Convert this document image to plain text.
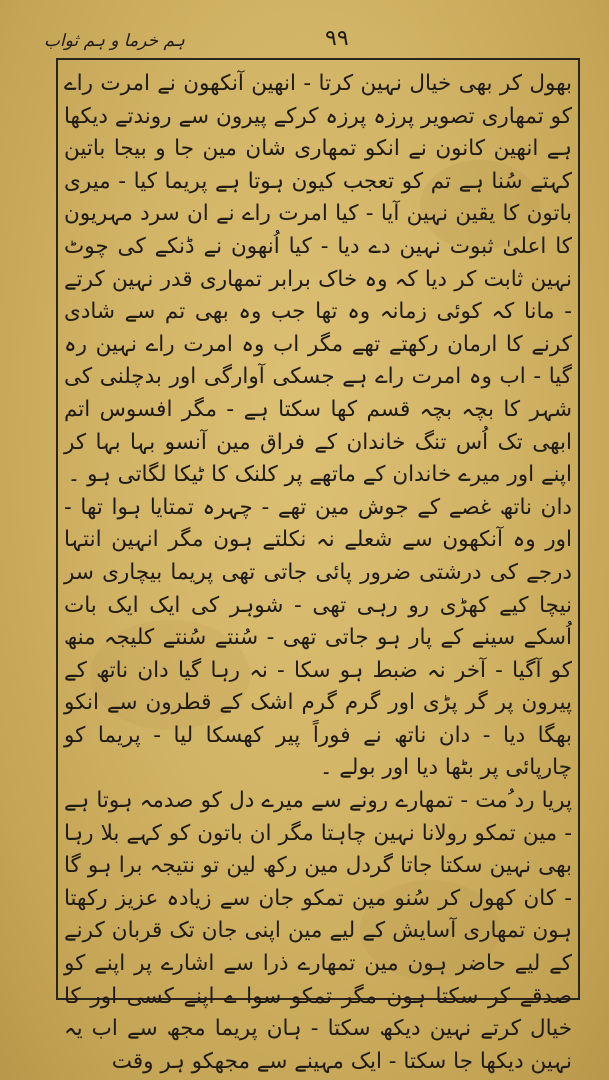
ہم خرما و ہم ثواب	۹۹

بھول کر بھی خیال نہین کرتا - انھین آنکھون نے امرت راے کو تمھاری تصویر پرزہ پرزہ کرکے پیرون سے روندتے دیکھا ہے انھین کانون نے انکو تمھاری شان مین جا و بیجا باتین کہتے سُنا ہے تم کو تعجب کیون ہوتا ہے پریما کیا - میری باتون کا یقین نہین آیا - کیا امرت راے نے ان سرد مہریون کا اعلیٰ ثبوت نہین دے دیا - کیا اُنھون نے ڈنکے کی چوٹ نہین ثابت کر دیا کہ وہ خاک برابر تمھاری قدر نہین کرتے - مانا کہ کوئی زمانہ وہ تھا جب وہ بھی تم سے شادی کرنے کا ارمان رکھتے تھے مگر اب وہ امرت راے نہین رہ گیا - اب وہ امرت راے ہے جسکی آوارگی اور بدچلنی کی شہر کا بچہ بچہ قسم کھا سکتا ہے - مگر افسوس اتم ابھی تک اُس تنگ خاندان کے فراق مین آنسو بہا بہا کر اپنے اور میرے خاندان کے ماتھے پر کلنک کا ٹیکا لگاتی ہو ۔

دان ناتھ غصے کے جوش مین تھے - چہرہ تمتایا ہوا تھا - اور وہ آنکھون سے شعلے نہ نکلتے ہون مگر انہین انتہا درجے کی درشتی ضرور پائی جاتی تھی پریما بیچاری سر نیچا کیے کھڑی رو رہی تھی - شوہر کی ایک ایک بات اُسکے سینے کے پار ہو جاتی تھی - سُنتے سُنتے کلیجہ منھ کو آگیا - آخر نہ ضبط ہو سکا - نہ رہا گیا دان ناتھ کے پیرون پر گر پڑی اور گرم گرم اشک کے قطرون سے انکو بھگا دیا - دان ناتھ نے فوراً پیر کھسکا لیا - پریما کو چارپائی پر بٹھا دیا اور بولے ۔

پریا رد ُمت - تمھارے رونے سے میرے دل کو صدمہ ہوتا ہے - مین تمکو رولانا نہین چاہتا مگر ان باتون کو کہے بلا رہا بھی نہین سکتا جاتا گردل مین رکھ لین تو نتیجہ برا ہو گا - کان کھول کر سُنو مین تمکو جان سے زیادہ عزیز رکھتا ہون تمھاری آسایش کے لیے مین اپنی جان تک قربان کرنے کے لیے حاضر ہون مین تمھارے ذرا سے اشارے پر اپنے کو صدقے کر سکتا ہون مگر تمکو سوا ے اپنے کسی اور کا خیال کرتے نہین دیکھ سکتا - ہان پریما مجھ سے اب یہ نہین دیکھا جا سکتا - ایک مہینے سے مجھکو ہر وقت
